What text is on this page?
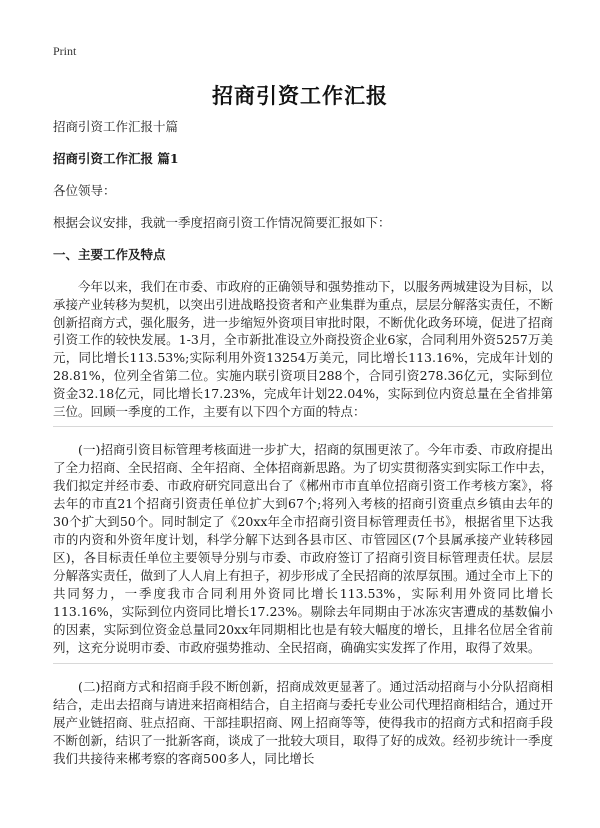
Print
招商引资工作汇报
招商引资工作汇报十篇
招商引资工作汇报 篇1
各位领导：
根据会议安排，我就一季度招商引资工作情况简要汇报如下：
一、主要工作及特点

今年以来，我们在市委、市政府的正确领导和强势推动下，以服务两城建设为目标，以承接产业转移为契机，以突出引进战略投资者和产业集群为重点，层层分解落实责任，不断创新招商方式，强化服务，进一步缩短外资项目审批时限，不断优化政务环境，促进了招商引资工作的较快发展。1-3月，全市新批准设立外商投资企业6家，合同利用外资5257万美元，同比增长113.53%;实际利用外资13254万美元，同比增长113.16%，完成年计划的28.81%，位列全省第二位。实施内联引资项目288个，合同引资278.36亿元，实际到位资金32.18亿元，同比增长17.23%，完成年计划22.04%，实际到位内资总量在全省排第三位。回顾一季度的工作，主要有以下四个方面的特点：

(一)招商引资目标管理考核面进一步扩大，招商的氛围更浓了。今年市委、市政府提出了全力招商、全民招商、全年招商、全体招商新思路。为了切实贯彻落实到实际工作中去，我们拟定并经市委、市政府研究同意出台了《郴州市市直单位招商引资工作考核方案》，将去年的市直21个招商引资责任单位扩大到67个;将列入考核的招商引资重点乡镇由去年的30个扩大到50个。同时制定了《20xx年全市招商引资目标管理责任书》，根据省里下达我市的内资和外资年度计划，科学分解下达到各县市区、市管园区(7个县属承接产业转移园区)，各目标责任单位主要领导分别与市委、市政府签订了招商引资目标管理责任状。层层分解落实责任，做到了人人肩上有担子，初步形成了全民招商的浓厚氛围。通过全市上下的共同努力，一季度我市合同利用外资同比增长113.53%，实际利用外资同比增长113.16%，实际到位内资同比增长17.23%。剔除去年同期由于冰冻灾害遭成的基数偏小的因素，实际到位资金总量同20xx年同期相比也是有较大幅度的增长，且排名位居全省前列，这充分说明市委、市政府强势推动、全民招商，确确实实发挥了作用，取得了效果。

(二)招商方式和招商手段不断创新，招商成效更显著了。通过活动招商与小分队招商相结合，走出去招商与请进来招商相结合，自主招商与委托专业公司代理招商相结合，通过开展产业链招商、驻点招商、干部挂职招商、网上招商等等，使得我市的招商方式和招商手段不断创新，结识了一批新客商，谈成了一批较大项目，取得了好的成效。经初步统计一季度我们共接待来郴考察的客商500多人，同比增长
